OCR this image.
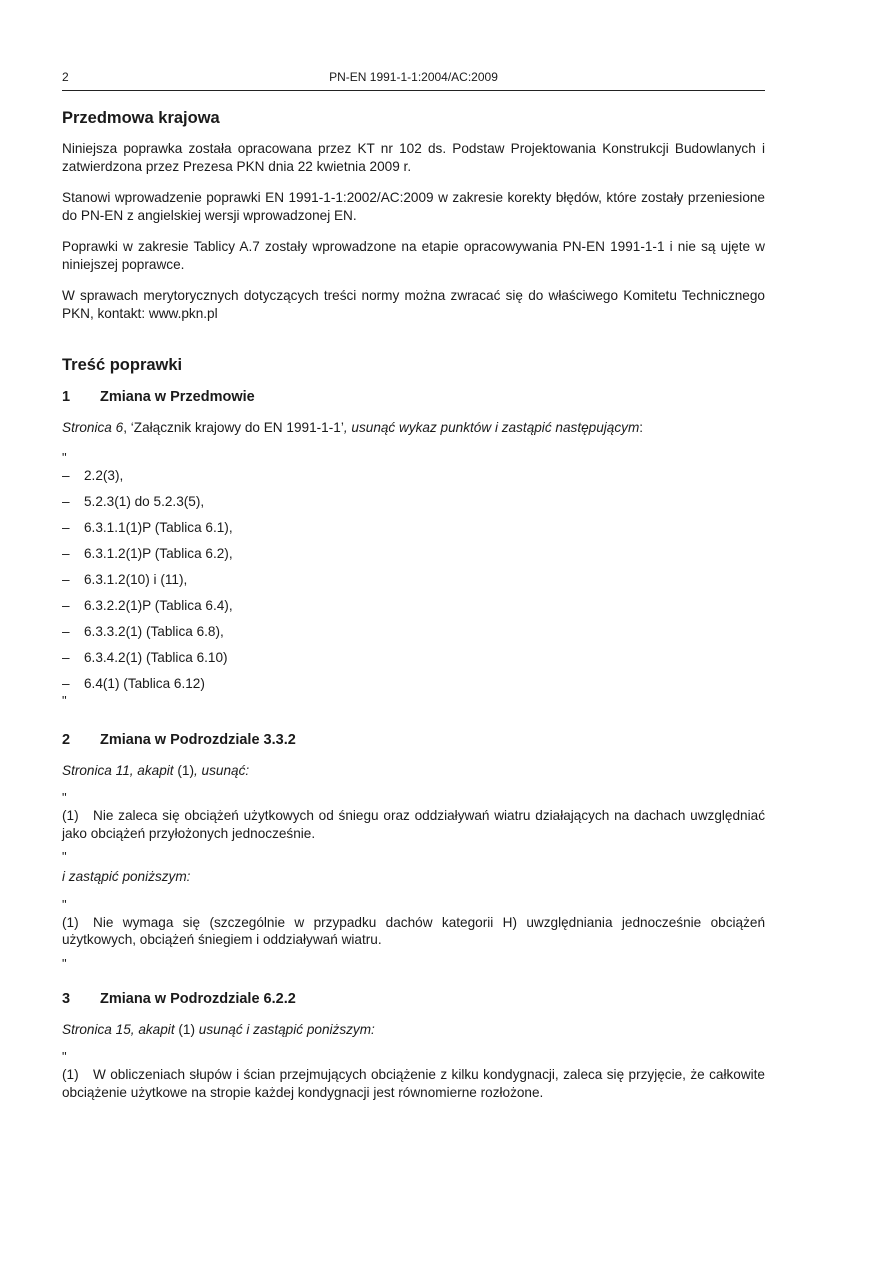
2	PN-EN 1991-1-1:2004/AC:2009
Przedmowa krajowa

Niniejsza poprawka została opracowana przez KT nr 102 ds. Podstaw Projektowania Konstrukcji Budowlanych i zatwierdzona przez Prezesa PKN dnia 22 kwietnia 2009 r.

Stanowi wprowadzenie poprawki EN 1991-1-1:2002/AC:2009 w zakresie korekty błędów, które zostały przeniesione do PN-EN z angielskiej wersji wprowadzonej EN.

Poprawki w zakresie Tablicy A.7 zostały wprowadzone na etapie opracowywania PN-EN 1991-1-1 i nie są ujęte w niniejszej poprawce.

W sprawach merytorycznych dotyczących treści normy można zwracać się do właściwego Komitetu Technicznego PKN, kontakt: www.pkn.pl

Treść poprawki
1 Zmiana w Przedmowie

Stronica 6, ‘Załącznik krajowy do EN 1991-1-1’, usunąć wykaz punktów i zastąpić następującym:

"
– 2.2(3),
– 5.2.3(1) do 5.2.3(5),
– 6.3.1.1(1)P (Tablica 6.1),
– 6.3.1.2(1)P (Tablica 6.2),
– 6.3.1.2(10) i (11),
– 6.3.2.2(1)P (Tablica 6.4),
– 6.3.3.2(1) (Tablica 6.8),
– 6.3.4.2(1) (Tablica 6.10)
– 6.4(1) (Tablica 6.12)
"
2 Zmiana w Podrozdziale 3.3.2

Stronica 11, akapit (1), usunąć:

"

(1) Nie zaleca się obciążeń użytkowych od śniegu oraz oddziaływań wiatru działających na dachach uwzględniać jako obciążeń przyłożonych jednocześnie.

"

i zastąpić poniższym:

"

(1) Nie wymaga się (szczególnie w przypadku dachów kategorii H) uwzględniania jednocześnie obciążeń użytkowych, obciążeń śniegiem i oddziaływań wiatru.

"
3 Zmiana w Podrozdziale 6.2.2

Stronica 15, akapit (1) usunąć i zastąpić poniższym:

"

(1) W obliczeniach słupów i ścian przejmujących obciążenie z kilku kondygnacji, zaleca się przyjęcie, że całkowite obciążenie użytkowe na stropie każdej kondygnacji jest równomierne rozłożone.
